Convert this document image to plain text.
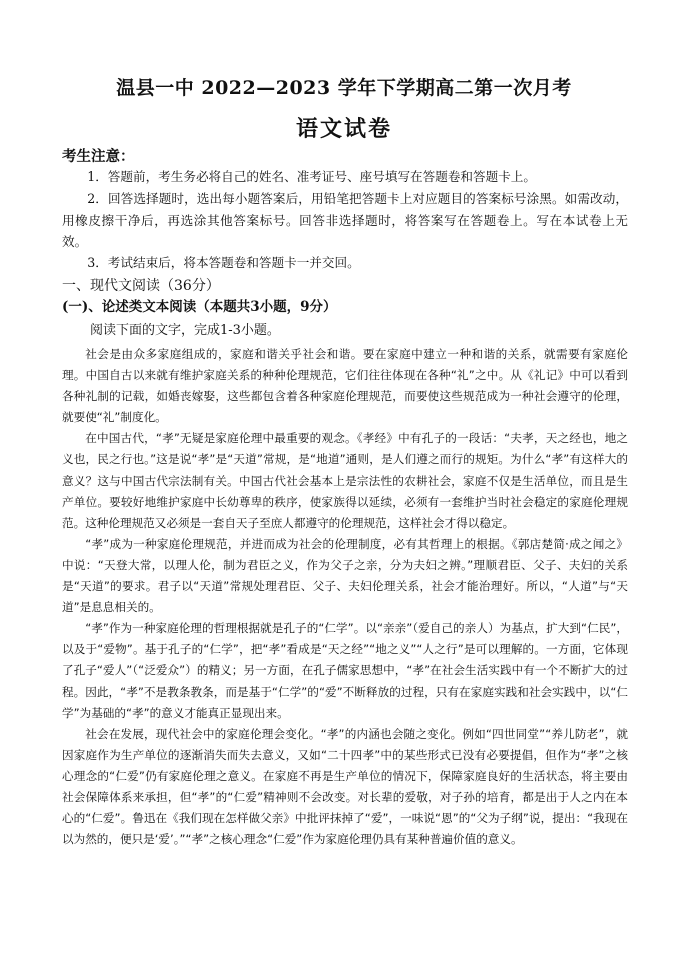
温县一中 2022—2023 学年下学期高二第一次月考
语文试卷
考生注意：

1．答题前，考生务必将自己的姓名、准考证号、座号填写在答题卷和答题卡上。

2．回答选择题时，选出每小题答案后，用铅笔把答题卡上对应题目的答案标号涂黑。如需改动，用橡皮擦干净后，再选涂其他答案标号。回答非选择题时，将答案写在答题卷上。写在本试卷上无效。

3．考试结束后，将本答题卷和答题卡一并交回。

一、现代文阅读（36分）

(一)、论述类文本阅读（本题共3小题，9分）

阅读下面的文字，完成1-3小题。

社会是由众多家庭组成的，家庭和谐关乎社会和谐。要在家庭中建立一种和谐的关系，就需要有家庭伦理。中国自古以来就有维护家庭关系的种种伦理规范，它们往往体现在各种“礼”之中。从《礼记》中可以看到各种礼制的记载，如婚丧嫁娶，这些都包含着各种家庭伦理规范，而要使这些规范成为一种社会遵守的伦理，就要使“礼”制度化。

在中国古代，“孝”无疑是家庭伦理中最重要的观念。《孝经》中有孔子的一段话：“夫孝，天之经也，地之义也，民之行也。”这是说“孝”是“天道”常规，是“地道”通则，是人们遵之而行的规矩。为什么“孝”有这样大的意义？这与中国古代宗法制有关。中国古代社会基本上是宗法性的农耕社会，家庭不仅是生活单位，而且是生产单位。要较好地维护家庭中长幼尊卑的秩序，使家族得以延续，必须有一套维护当时社会稳定的家庭伦理规范。这种伦理规范又必须是一套自天子至庶人都遵守的伦理规范，这样社会才得以稳定。

“孝”成为一种家庭伦理规范，并进而成为社会的伦理制度，必有其哲理上的根据。《郭店楚简·成之闻之》中说：“天登大常，以理人伦，制为君臣之义，作为父子之亲，分为夫妇之辨。”理顺君臣、父子、夫妇的关系是“天道”的要求。君子以“天道”常规处理君臣、父子、夫妇伦理关系，社会才能治理好。所以，“人道”与“天道”是息息相关的。

“孝”作为一种家庭伦理的哲理根据就是孔子的“仁学”。以“亲亲”（爱自己的亲人）为基点，扩大到“仁民”，以及于“爱物”。基于孔子的“仁学”，把“孝”看成是“天之经”“地之义”“人之行”是可以理解的。一方面，它体现了孔子“爱人”（“泛爱众”）的精义；另一方面，在孔子儒家思想中，“孝”在社会生活实践中有一个不断扩大的过程。因此，“孝”不是教条教条，而是基于“仁学”的“爱”不断释放的过程，只有在家庭实践和社会实践中，以“仁学”为基础的“孝”的意义才能真正显现出来。

社会在发展，现代社会中的家庭伦理会变化。“孝”的内涵也会随之变化。例如“四世同堂”“养儿防老”，就因家庭作为生产单位的逐渐消失而失去意义，又如“二十四孝”中的某些形式已没有必要提倡，但作为“孝”之核心理念的“仁爱”仍有家庭伦理之意义。在家庭不再是生产单位的情况下，保障家庭良好的生活状态，将主要由社会保障体系来承担，但“孝”的“仁爱”精神则不会改变。对长辈的爱敬，对子孙的培育，都是出于人之内在本心的“仁爱”。鲁迅在《我们现在怎样做父亲》中批评抹掉了“爱”，一味说“恩”的“父为子纲”说，提出：“我现在以为然的，便只是‘爱’。”“孝”之核心理念“仁爱”作为家庭伦理仍具有某种普遍价值的意义。
